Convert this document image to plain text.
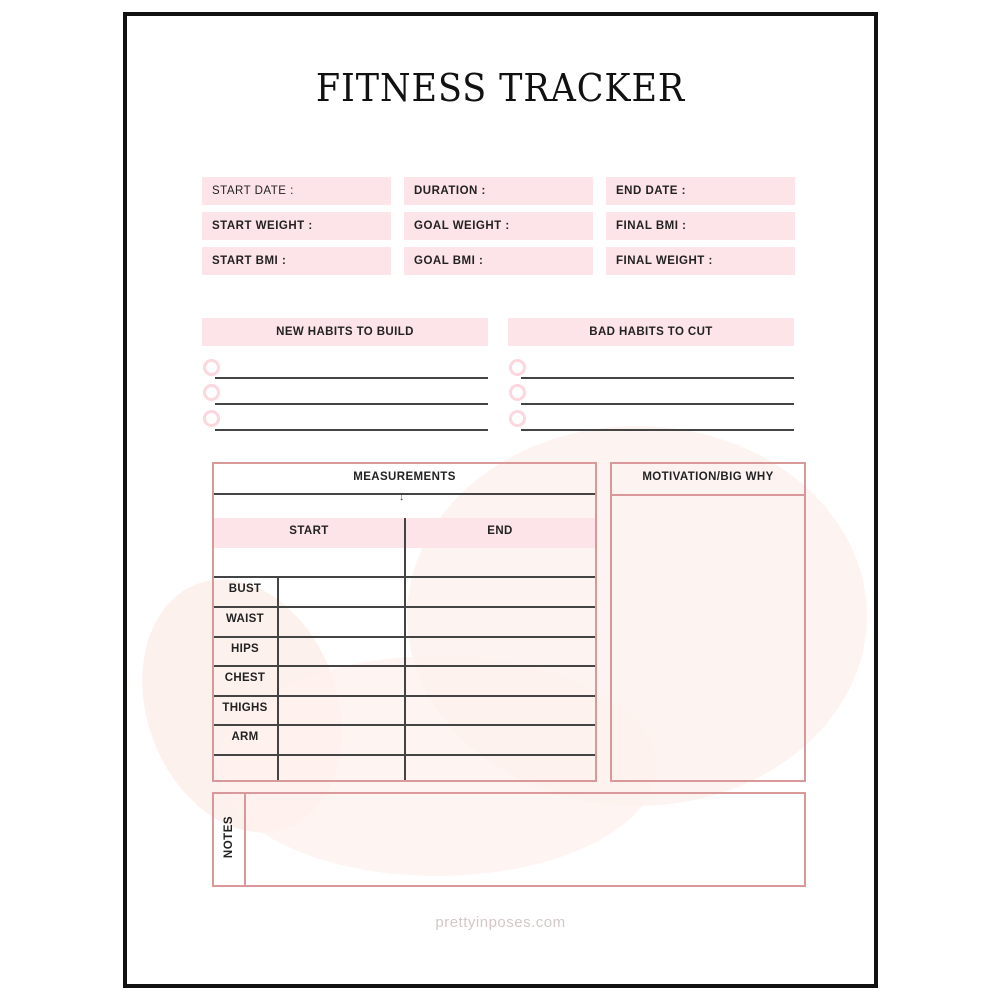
FITNESS TRACKER
START DATE :	DURATION :	END DATE :
START WEIGHT :	GOAL WEIGHT :	FINAL BMI :
START BMI :	GOAL BMI :	FINAL WEIGHT :
NEW HABITS TO BUILD	BAD HABITS TO CUT
MEASUREMENTS
↓
START	END
BUST
WAIST
HIPS
CHEST
THIGHS
ARM
MOTIVATION/BIG WHY
NOTES
prettyinposes.com
